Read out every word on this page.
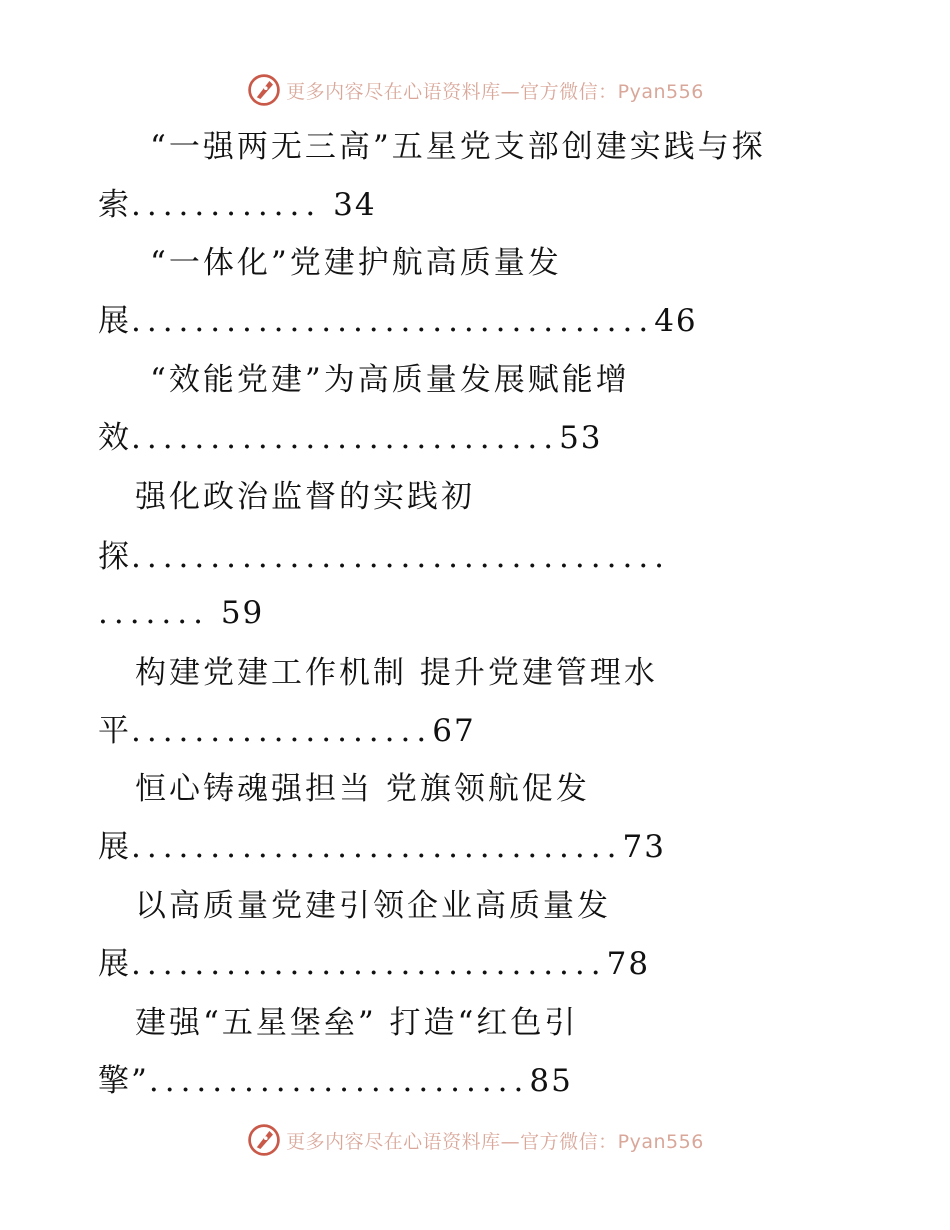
更多内容尽在心语资料库—官方微信：Pyan556
“一强两无三高”五星党支部创建实践与探
索............ 34
“一体化”党建护航高质量发
展.................................46
“效能党建”为高质量发展赋能增
效...........................53
强化政治监督的实践初
探..................................
....... 59
构建党建工作机制 提升党建管理水
平...................67
恒心铸魂强担当 党旗领航促发
展...............................73
以高质量党建引领企业高质量发
展..............................78
建强“五星堡垒” 打造“红色引
擎”........................85
更多内容尽在心语资料库—官方微信：Pyan556
